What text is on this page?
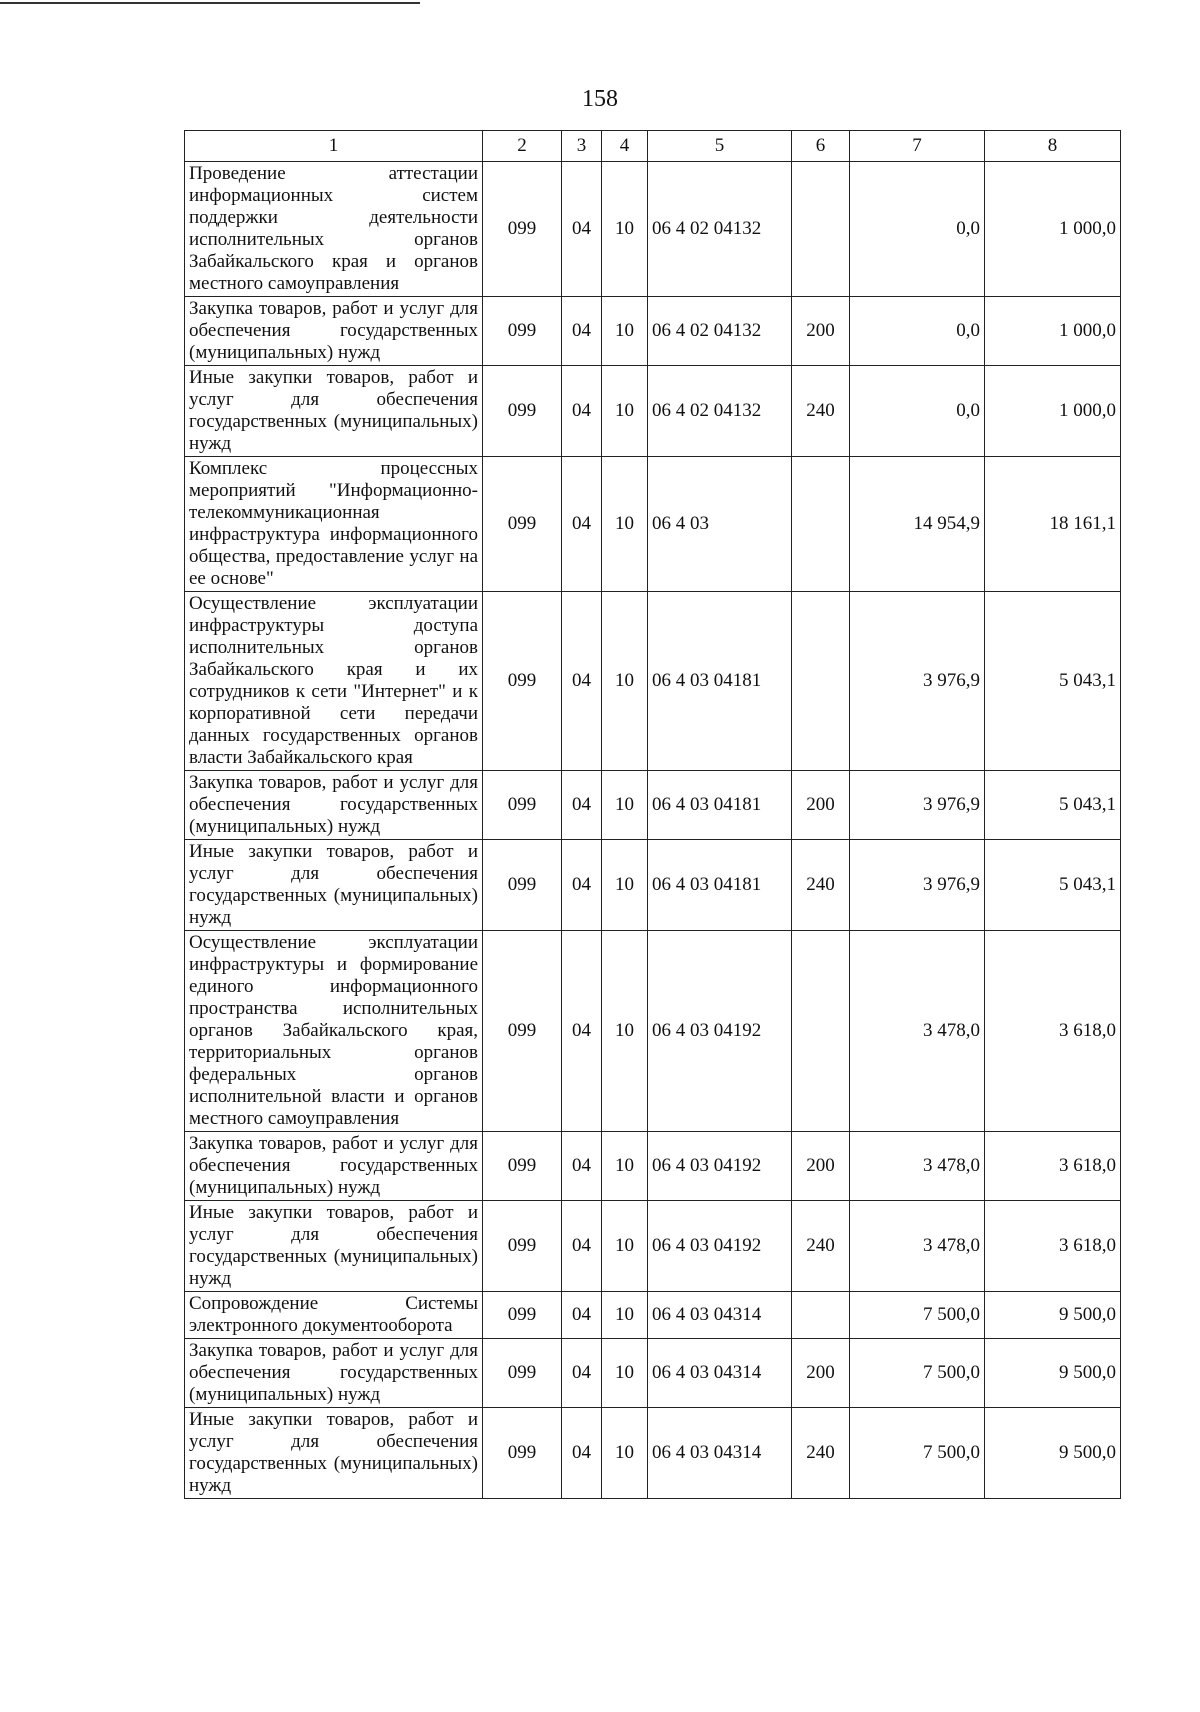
158
1	2	3	4	5	6	7	8
Проведение аттестации информационных систем поддержки деятельности исполнительных органов Забайкальского края и органов местного самоуправления	099	04	10	06 4 02 04132		0,0	1 000,0
Закупка товаров, работ и услуг для обеспечения государственных (муниципальных) нужд	099	04	10	06 4 02 04132	200	0,0	1 000,0
Иные закупки товаров, работ и услуг для обеспечения государственных (муниципальных) нужд	099	04	10	06 4 02 04132	240	0,0	1 000,0
Комплекс процессных мероприятий "Информационно-телекоммуникационная инфраструктура информационного общества, предоставление услуг на ее основе"	099	04	10	06 4 03		14 954,9	18 161,1
Осуществление эксплуатации инфраструктуры доступа исполнительных органов Забайкальского края и их сотрудников к сети "Интернет" и к корпоративной сети передачи данных государственных органов власти Забайкальского края	099	04	10	06 4 03 04181		3 976,9	5 043,1
Закупка товаров, работ и услуг для обеспечения государственных (муниципальных) нужд	099	04	10	06 4 03 04181	200	3 976,9	5 043,1
Иные закупки товаров, работ и услуг для обеспечения государственных (муниципальных) нужд	099	04	10	06 4 03 04181	240	3 976,9	5 043,1
Осуществление эксплуатации инфраструктуры и формирование единого информационного пространства исполнительных органов Забайкальского края, территориальных органов федеральных органов исполнительной власти и органов местного самоуправления	099	04	10	06 4 03 04192		3 478,0	3 618,0
Закупка товаров, работ и услуг для обеспечения государственных (муниципальных) нужд	099	04	10	06 4 03 04192	200	3 478,0	3 618,0
Иные закупки товаров, работ и услуг для обеспечения государственных (муниципальных) нужд	099	04	10	06 4 03 04192	240	3 478,0	3 618,0
Сопровождение Системы электронного документооборота	099	04	10	06 4 03 04314		7 500,0	9 500,0
Закупка товаров, работ и услуг для обеспечения государственных (муниципальных) нужд	099	04	10	06 4 03 04314	200	7 500,0	9 500,0
Иные закупки товаров, работ и услуг для обеспечения государственных (муниципальных) нужд	099	04	10	06 4 03 04314	240	7 500,0	9 500,0
